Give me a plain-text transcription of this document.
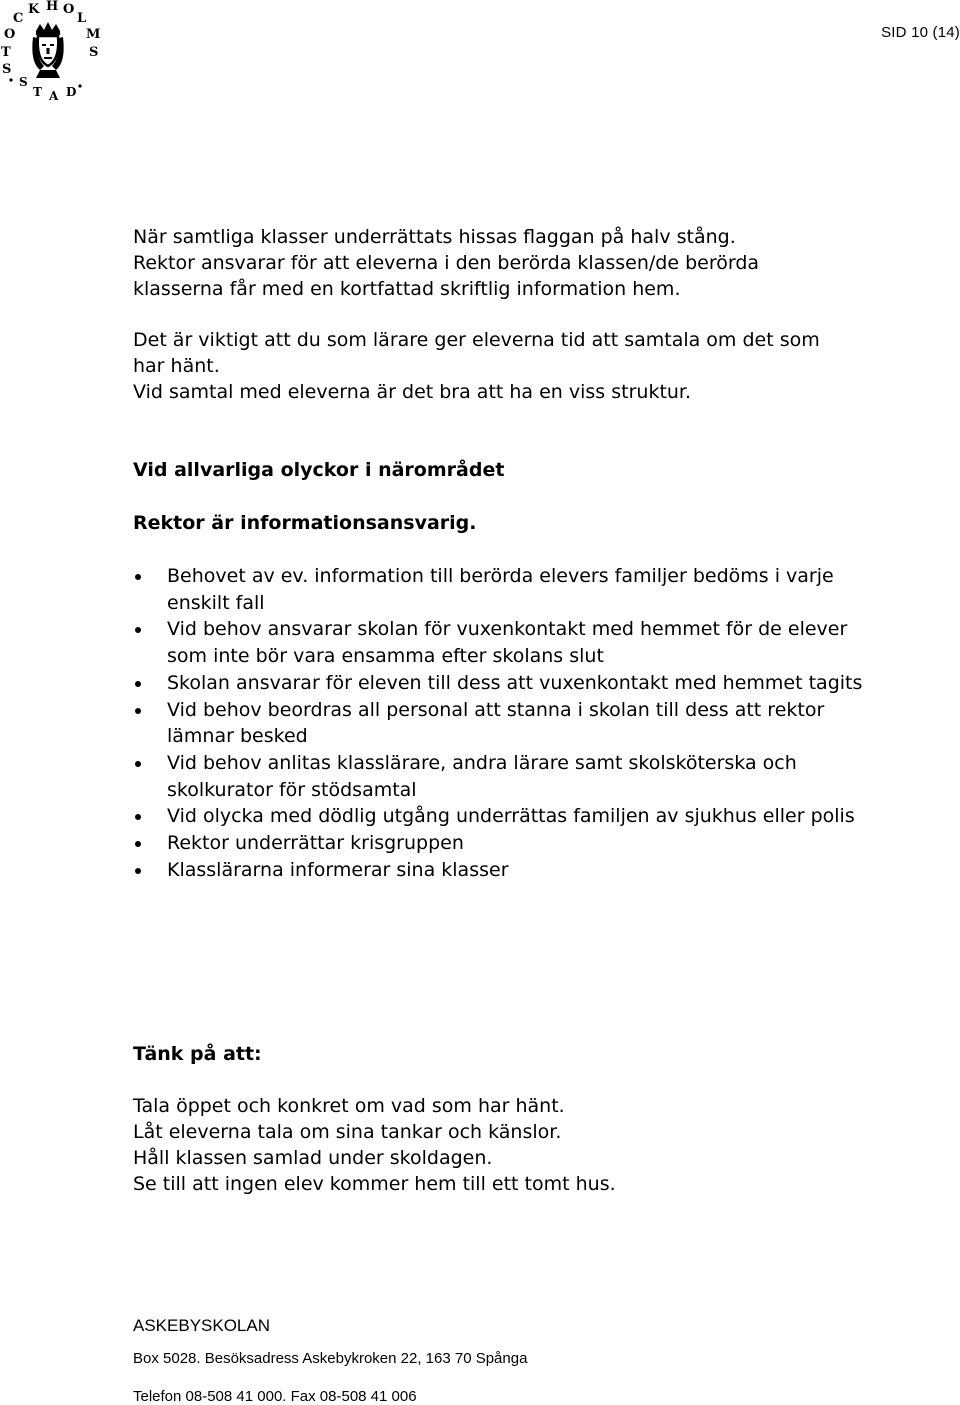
S
T
O
C
K H O
L
M
S
S
T A D
SID 10 (14)
När samtliga klasser underrättats hissas flaggan på halv stång.
Rektor ansvarar för att eleverna i den berörda klassen/de berörda
klasserna får med en kortfattad skriftlig information hem.
Det är viktigt att du som lärare ger eleverna tid att samtala om det som
har hänt.
Vid samtal med eleverna är det bra att ha en viss struktur.
Vid allvarliga olyckor i närområdet
Rektor är informationsansvarig.
Behovet av ev. information till berörda elevers familjer bedöms i varje enskilt fall
Vid behov ansvarar skolan för vuxenkontakt med hemmet för de elever som inte bör vara ensamma efter skolans slut
Skolan ansvarar för eleven till dess att vuxenkontakt med hemmet tagits
Vid behov beordras all personal att stanna i skolan till dess att rektor lämnar besked
Vid behov anlitas klasslärare, andra lärare samt skolsköterska och skolkurator för stödsamtal
Vid olycka med dödlig utgång underrättas familjen av sjukhus eller polis
Rektor underrättar krisgruppen
Klasslärarna informerar sina klasser
Tänk på att:
Tala öppet och konkret om vad som har hänt.
Låt eleverna tala om sina tankar och känslor.
Håll klassen samlad under skoldagen.
Se till att ingen elev kommer hem till ett tomt hus.
ASKEBYSKOLAN
Box 5028. Besöksadress Askebykroken 22, 163 70 Spånga
Telefon 08-508 41 000. Fax 08-508 41 006
